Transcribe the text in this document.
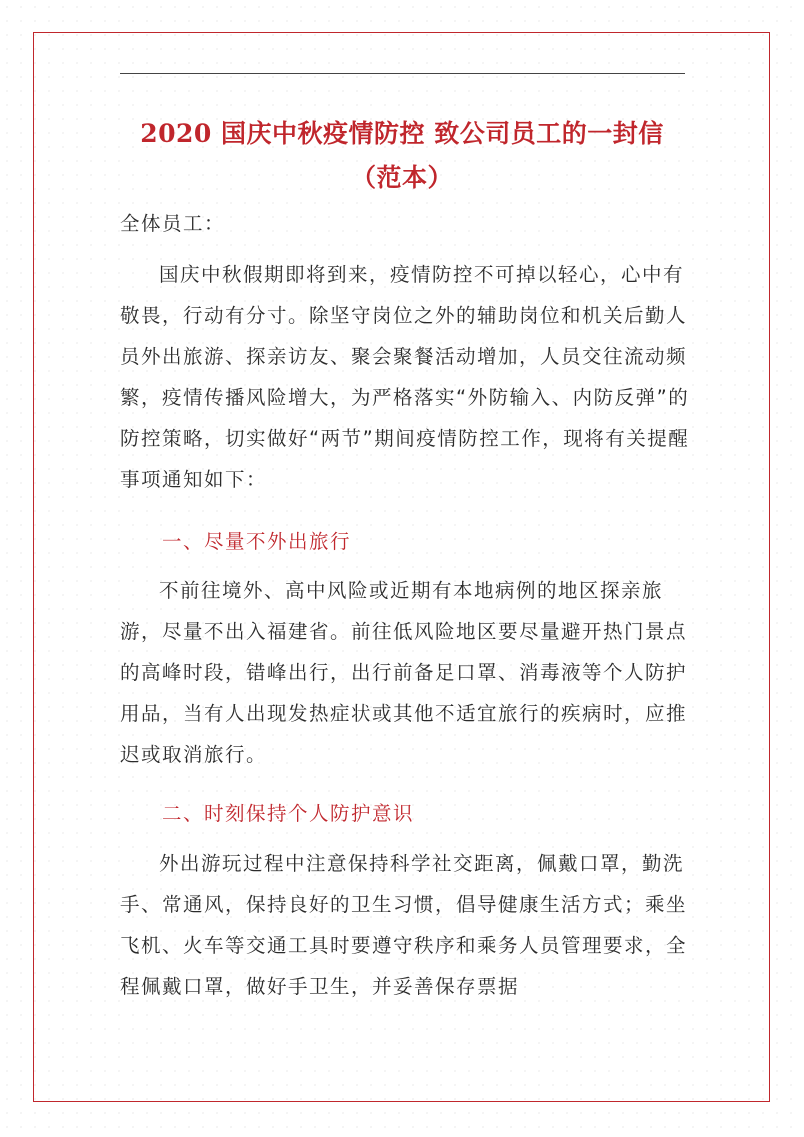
2020 国庆中秋疫情防控 致公司员工的一封信
（范本）
全体员工：
国庆中秋假期即将到来，疫情防控不可掉以轻心，心中有敬畏，行动有分寸。除坚守岗位之外的辅助岗位和机关后勤人员外出旅游、探亲访友、聚会聚餐活动增加，人员交往流动频繁，疫情传播风险增大，为严格落实“外防输入、内防反弹”的防控策略，切实做好“两节”期间疫情防控工作，现将有关提醒事项通知如下：
一、尽量不外出旅行
不前往境外、高中风险或近期有本地病例的地区探亲旅游，尽量不出入福建省。前往低风险地区要尽量避开热门景点的高峰时段，错峰出行，出行前备足口罩、消毒液等个人防护用品，当有人出现发热症状或其他不适宜旅行的疾病时，应推迟或取消旅行。
二、时刻保持个人防护意识
外出游玩过程中注意保持科学社交距离，佩戴口罩，勤洗手、常通风，保持良好的卫生习惯，倡导健康生活方式；乘坐飞机、火车等交通工具时要遵守秩序和乘务人员管理要求，全程佩戴口罩，做好手卫生，并妥善保存票据
